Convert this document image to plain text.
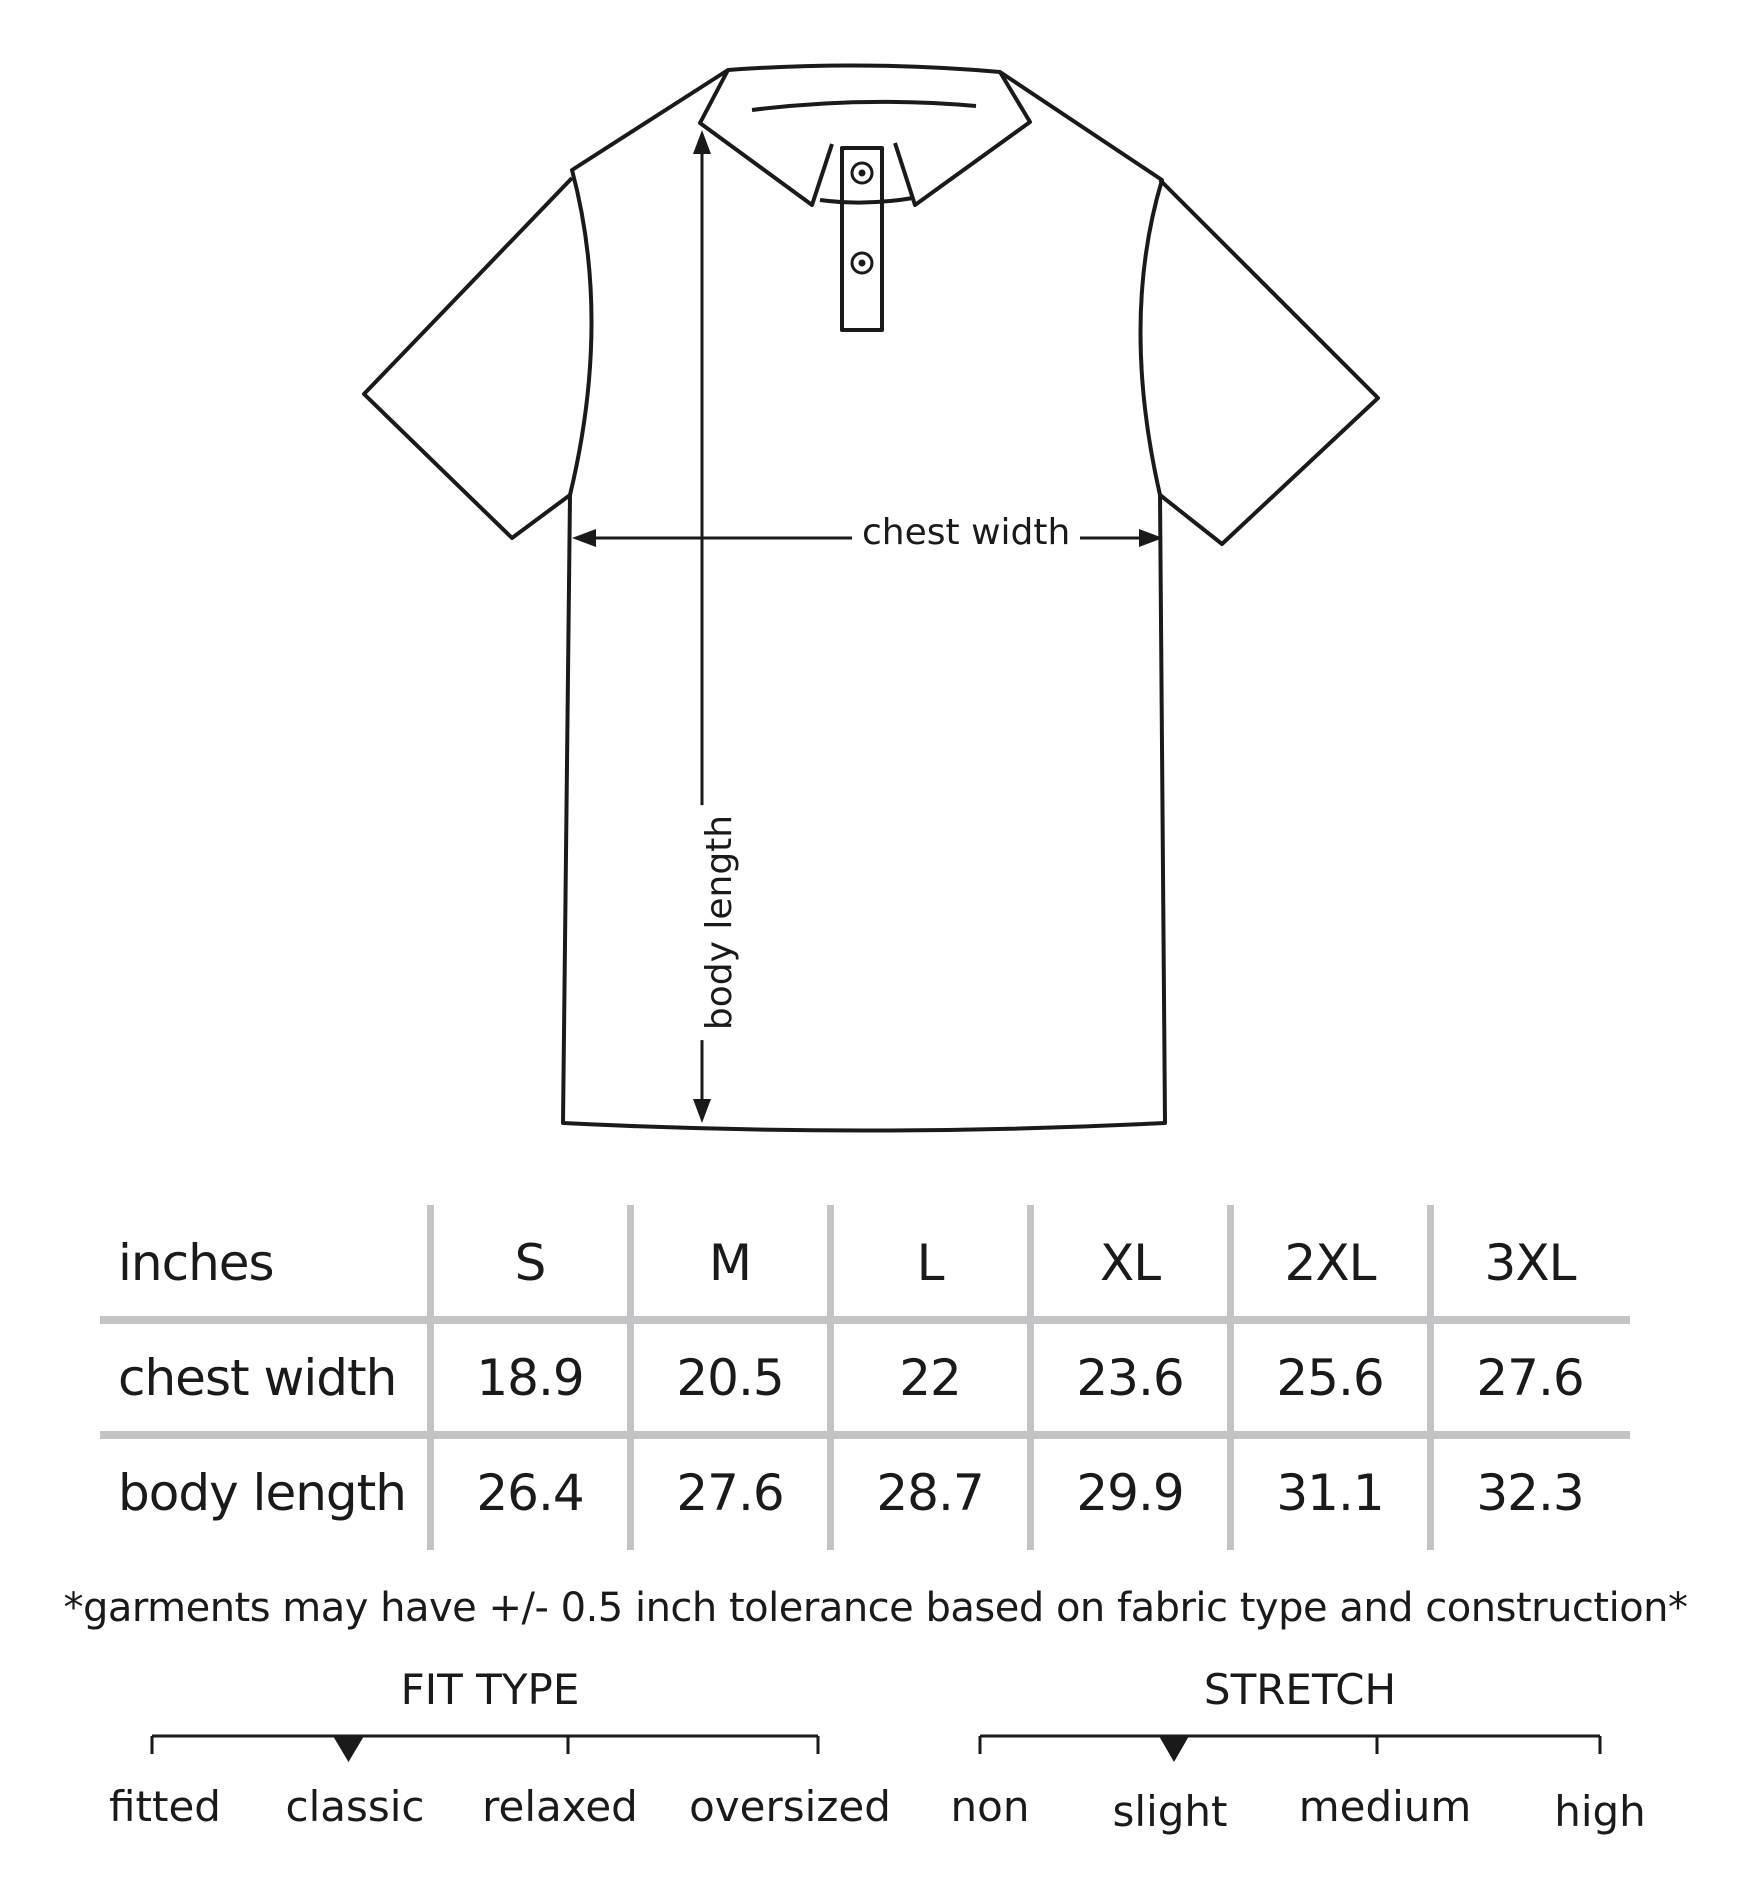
chest width
body length
inches	S	M	L	XL	2XL	3XL
chest width	18.9	20.5	22	23.6	25.6	27.6
body length	26.4	27.6	28.7	29.9	31.1	32.3
*garments may have +/- 0.5 inch tolerance based on fabric type and construction*
FIT TYPE
fitted	classic	relaxed oversized
STRETCH
non	slight	medium	high
